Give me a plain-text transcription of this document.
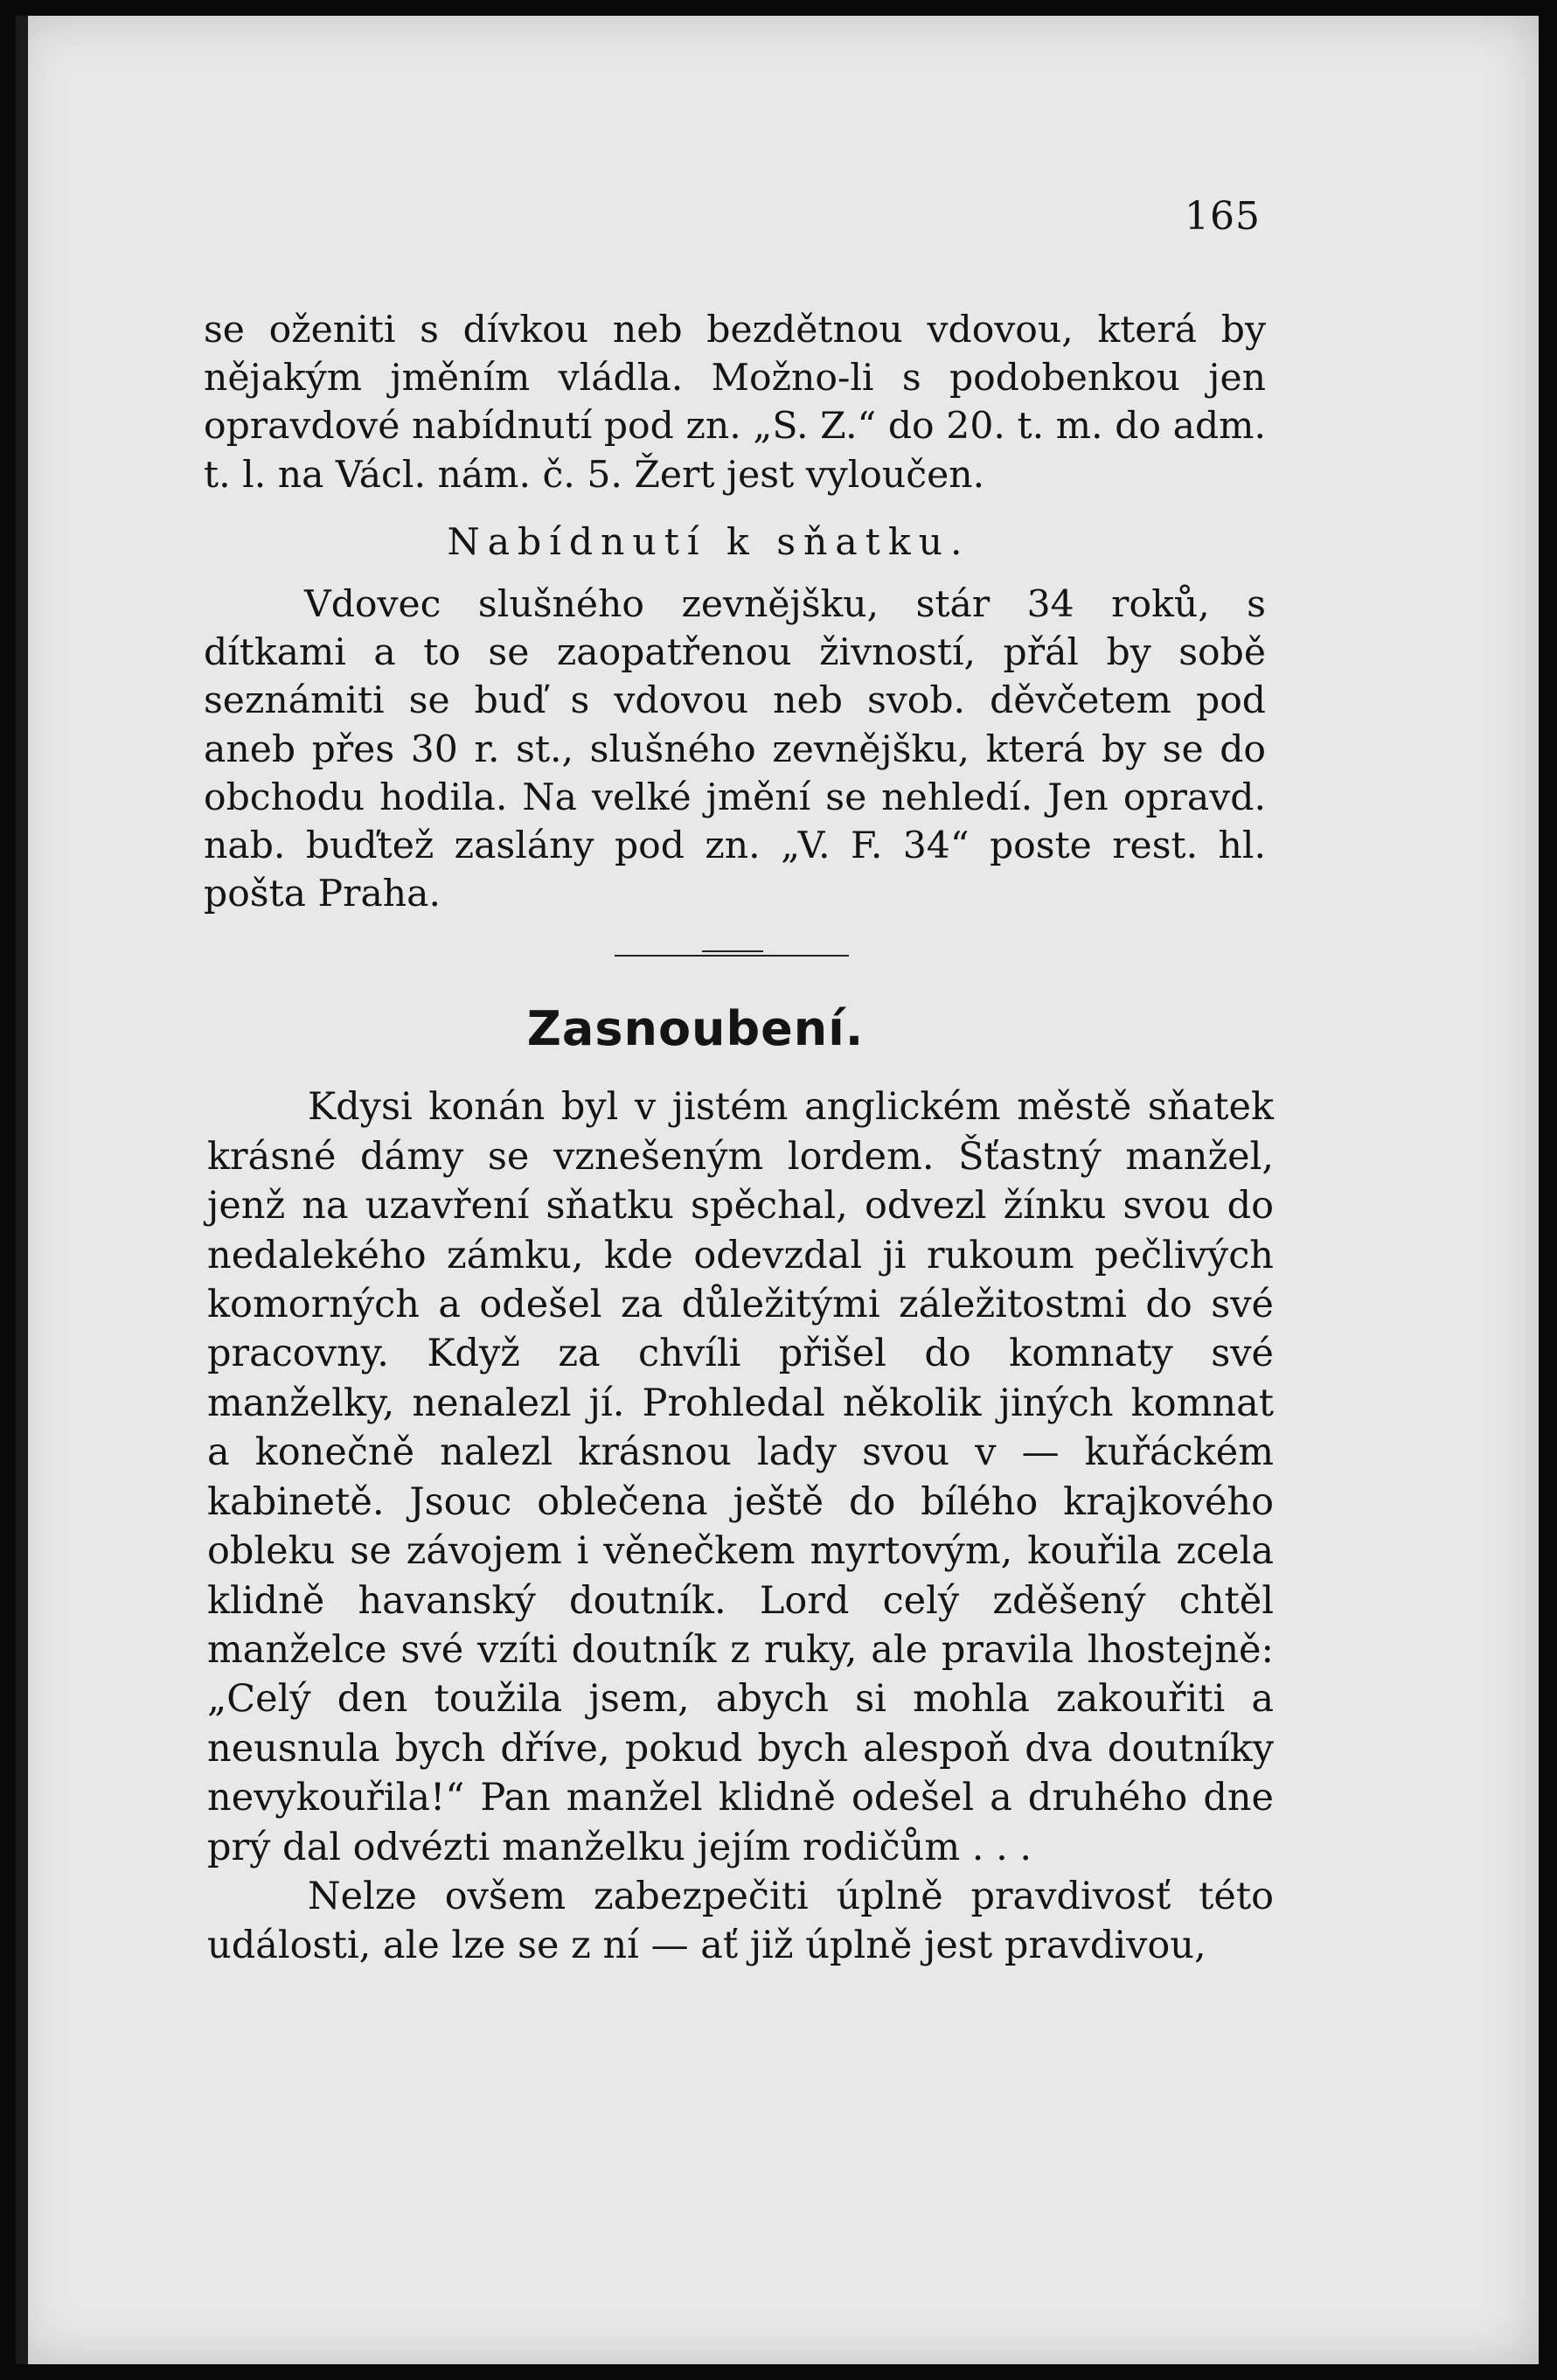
165

se oženiti s dívkou neb bezdětnou vdovou, která by nějakým jměním vládla. Možno-li s podobenkou jen opravdové nabídnutí pod zn. „S. Z.“ do 20. t. m. do adm. t. l. na Václ. nám. č. 5. Žert jest vyloučen.

Nabídnutí k sňatku.

Vdovec slušného zevnějšku, stár 34 roků, s dítkami a to se zaopatřenou živností, přál by sobě seznámiti se buď s vdovou neb svob. děvčetem pod aneb přes 30 r. st., slušného zevnějšku, která by se do obchodu hodila. Na velké jmění se nehledí. Jen opravd. nab. buďtež zaslány pod zn. „V. F. 34“ poste rest. hl. pošta Praha.

Zasnoubení.

Kdysi konán byl v jistém anglickém městě sňatek krásné dámy se vznešeným lordem. Šťastný manžel, jenž na uzavření sňatku spěchal, odvezl žínku svou do nedalekého zámku, kde odevzdal ji rukoum pečlivých komorných a odešel za důležitými záležitostmi do své pracovny. Když za chvíli přišel do komnaty své manželky, nenalezl jí. Prohledal několik jiných komnat a konečně nalezl krásnou lady svou v — kuřáckém kabinetě. Jsouc oblečena ještě do bílého krajkového obleku se závojem i věnečkem myrtovým, kouřila zcela klidně havanský doutník. Lord celý zděšený chtěl manželce své vzíti doutník z ruky, ale pravila lhostejně: „Celý den toužila jsem, abych si mohla zakouřiti a neusnula bych dříve, pokud bych alespoň dva doutníky nevykouřila!“ Pan manžel klidně odešel a druhého dne prý dal odvézti manželku jejím rodičům . . .

Nelze ovšem zabezpečiti úplně pravdivosť této události, ale lze se z ní — ať již úplně jest pravdivou,
